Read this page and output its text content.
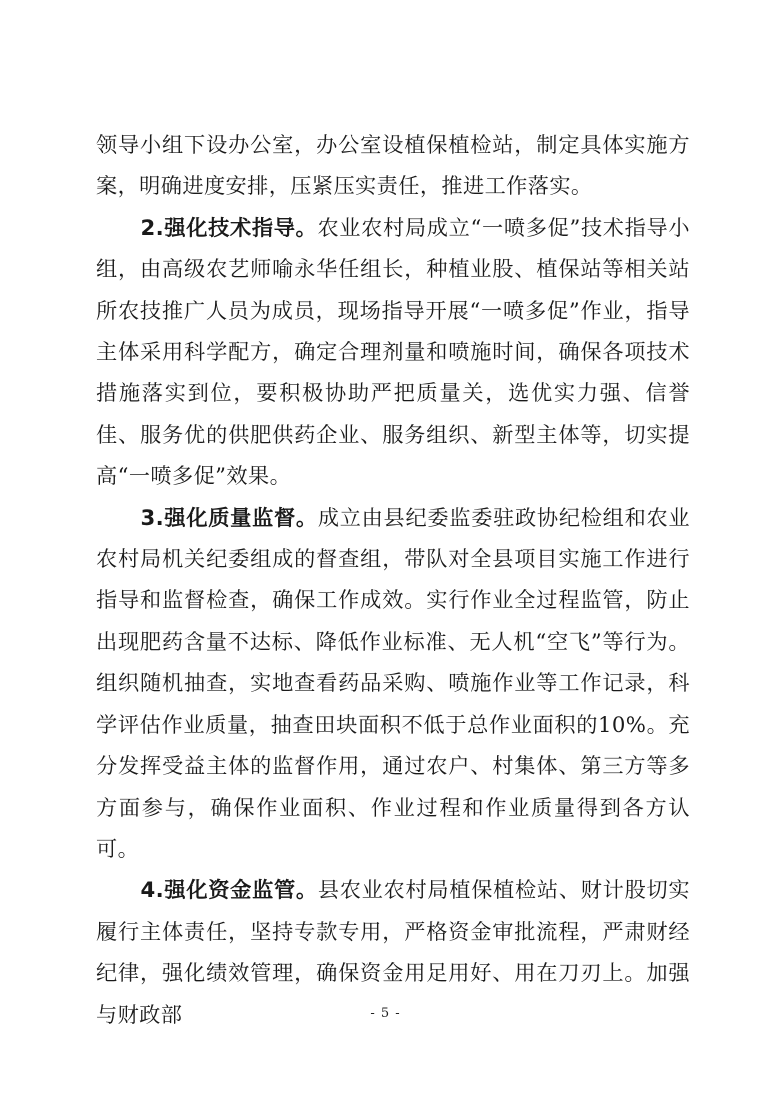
领导小组下设办公室，办公室设植保植检站，制定具体实施方案，明确进度安排，压紧压实责任，推进工作落实。

2.强化技术指导。农业农村局成立“一喷多促”技术指导小组，由高级农艺师喻永华任组长，种植业股、植保站等相关站所农技推广人员为成员，现场指导开展“一喷多促”作业，指导主体采用科学配方，确定合理剂量和喷施时间，确保各项技术措施落实到位，要积极协助严把质量关，选优实力强、信誉佳、服务优的供肥供药企业、服务组织、新型主体等，切实提高“一喷多促”效果。

3.强化质量监督。成立由县纪委监委驻政协纪检组和农业农村局机关纪委组成的督查组，带队对全县项目实施工作进行指导和监督检查，确保工作成效。实行作业全过程监管，防止出现肥药含量不达标、降低作业标准、无人机“空飞”等行为。组织随机抽查，实地查看药品采购、喷施作业等工作记录，科学评估作业质量，抽查田块面积不低于总作业面积的10%。充分发挥受益主体的监督作用，通过农户、村集体、第三方等多方面参与，确保作业面积、作业过程和作业质量得到各方认可。

4.强化资金监管。县农业农村局植保植检站、财计股切实履行主体责任，坚持专款专用，严格资金审批流程，严肃财经纪律，强化绩效管理，确保资金用足用好、用在刀刃上。加强与财政部	- 5 -
